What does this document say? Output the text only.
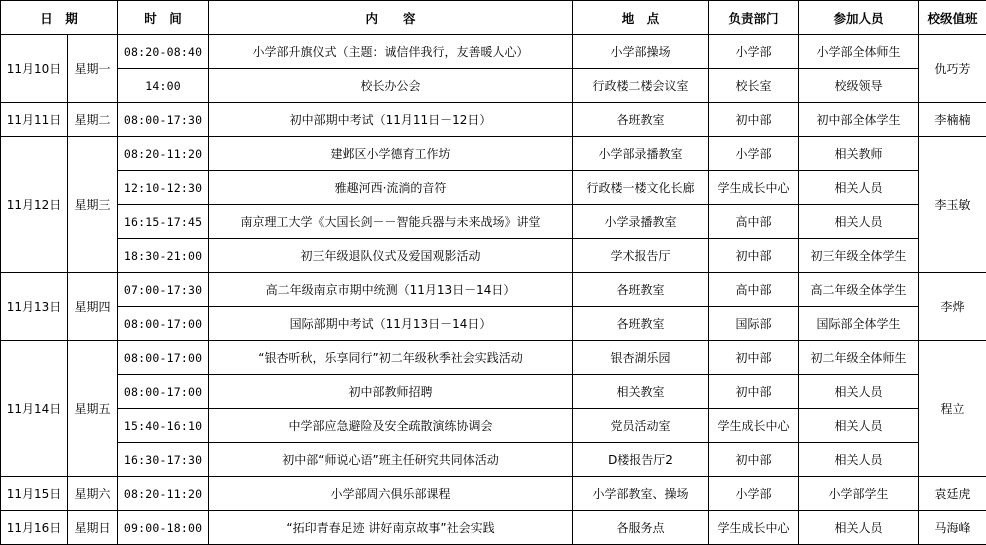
日　期		时　间	内　　容	地　点	负责部门	参加人员	校级值班
11月10日	星期一	08:20-08:40	小学部升旗仪式（主题：诚信伴我行，友善暖人心）	小学部操场	小学部	小学部全体师生	仇巧芳
		14:00	校长办公会	行政楼二楼会议室	校长室	校级领导	
11月11日	星期二	08:00-17:30	初中部期中考试（11月11日－12日）	各班教室	初中部	初中部全体学生	李楠楠
11月12日	星期三	08:20-11:20	建邺区小学德育工作坊	小学部录播教室	小学部	相关教师	李玉敏
		12:10-12:30	雅趣河西·流淌的音符	行政楼一楼文化长廊	学生成长中心	相关人员	
		16:15-17:45	南京理工大学《大国长剑－－智能兵器与未来战场》讲堂	小学录播教室	高中部	相关人员	
		18:30-21:00	初三年级退队仪式及爱国观影活动	学术报告厅	初中部	初三年级全体学生	
11月13日	星期四	07:00-17:30	高二年级南京市期中统测（11月13日－14日）	各班教室	高中部	高二年级全体学生	李烨
		08:00-17:00	国际部期中考试（11月13日－14日）	各班教室	国际部	国际部全体学生	
11月14日	星期五	08:00-17:00	“银杏听秋，乐享同行”初二年级秋季社会实践活动	银杏湖乐园	初中部	初二年级全体师生	程立
		08:00-17:00	初中部教师招聘	相关教室	初中部	相关人员	
		15:40-16:10	中学部应急避险及安全疏散演练协调会	党员活动室	学生成长中心	相关人员	
		16:30-17:30	初中部“师说心语”班主任研究共同体活动	D楼报告厅2	初中部	相关人员	
11月15日	星期六	08:20-11:20	小学部周六俱乐部课程	小学部教室、操场	小学部	小学部学生	袁廷虎
11月16日	星期日	09:00-18:00	“拓印青春足迹 讲好南京故事”社会实践	各服务点	学生成长中心	相关人员	马海峰
